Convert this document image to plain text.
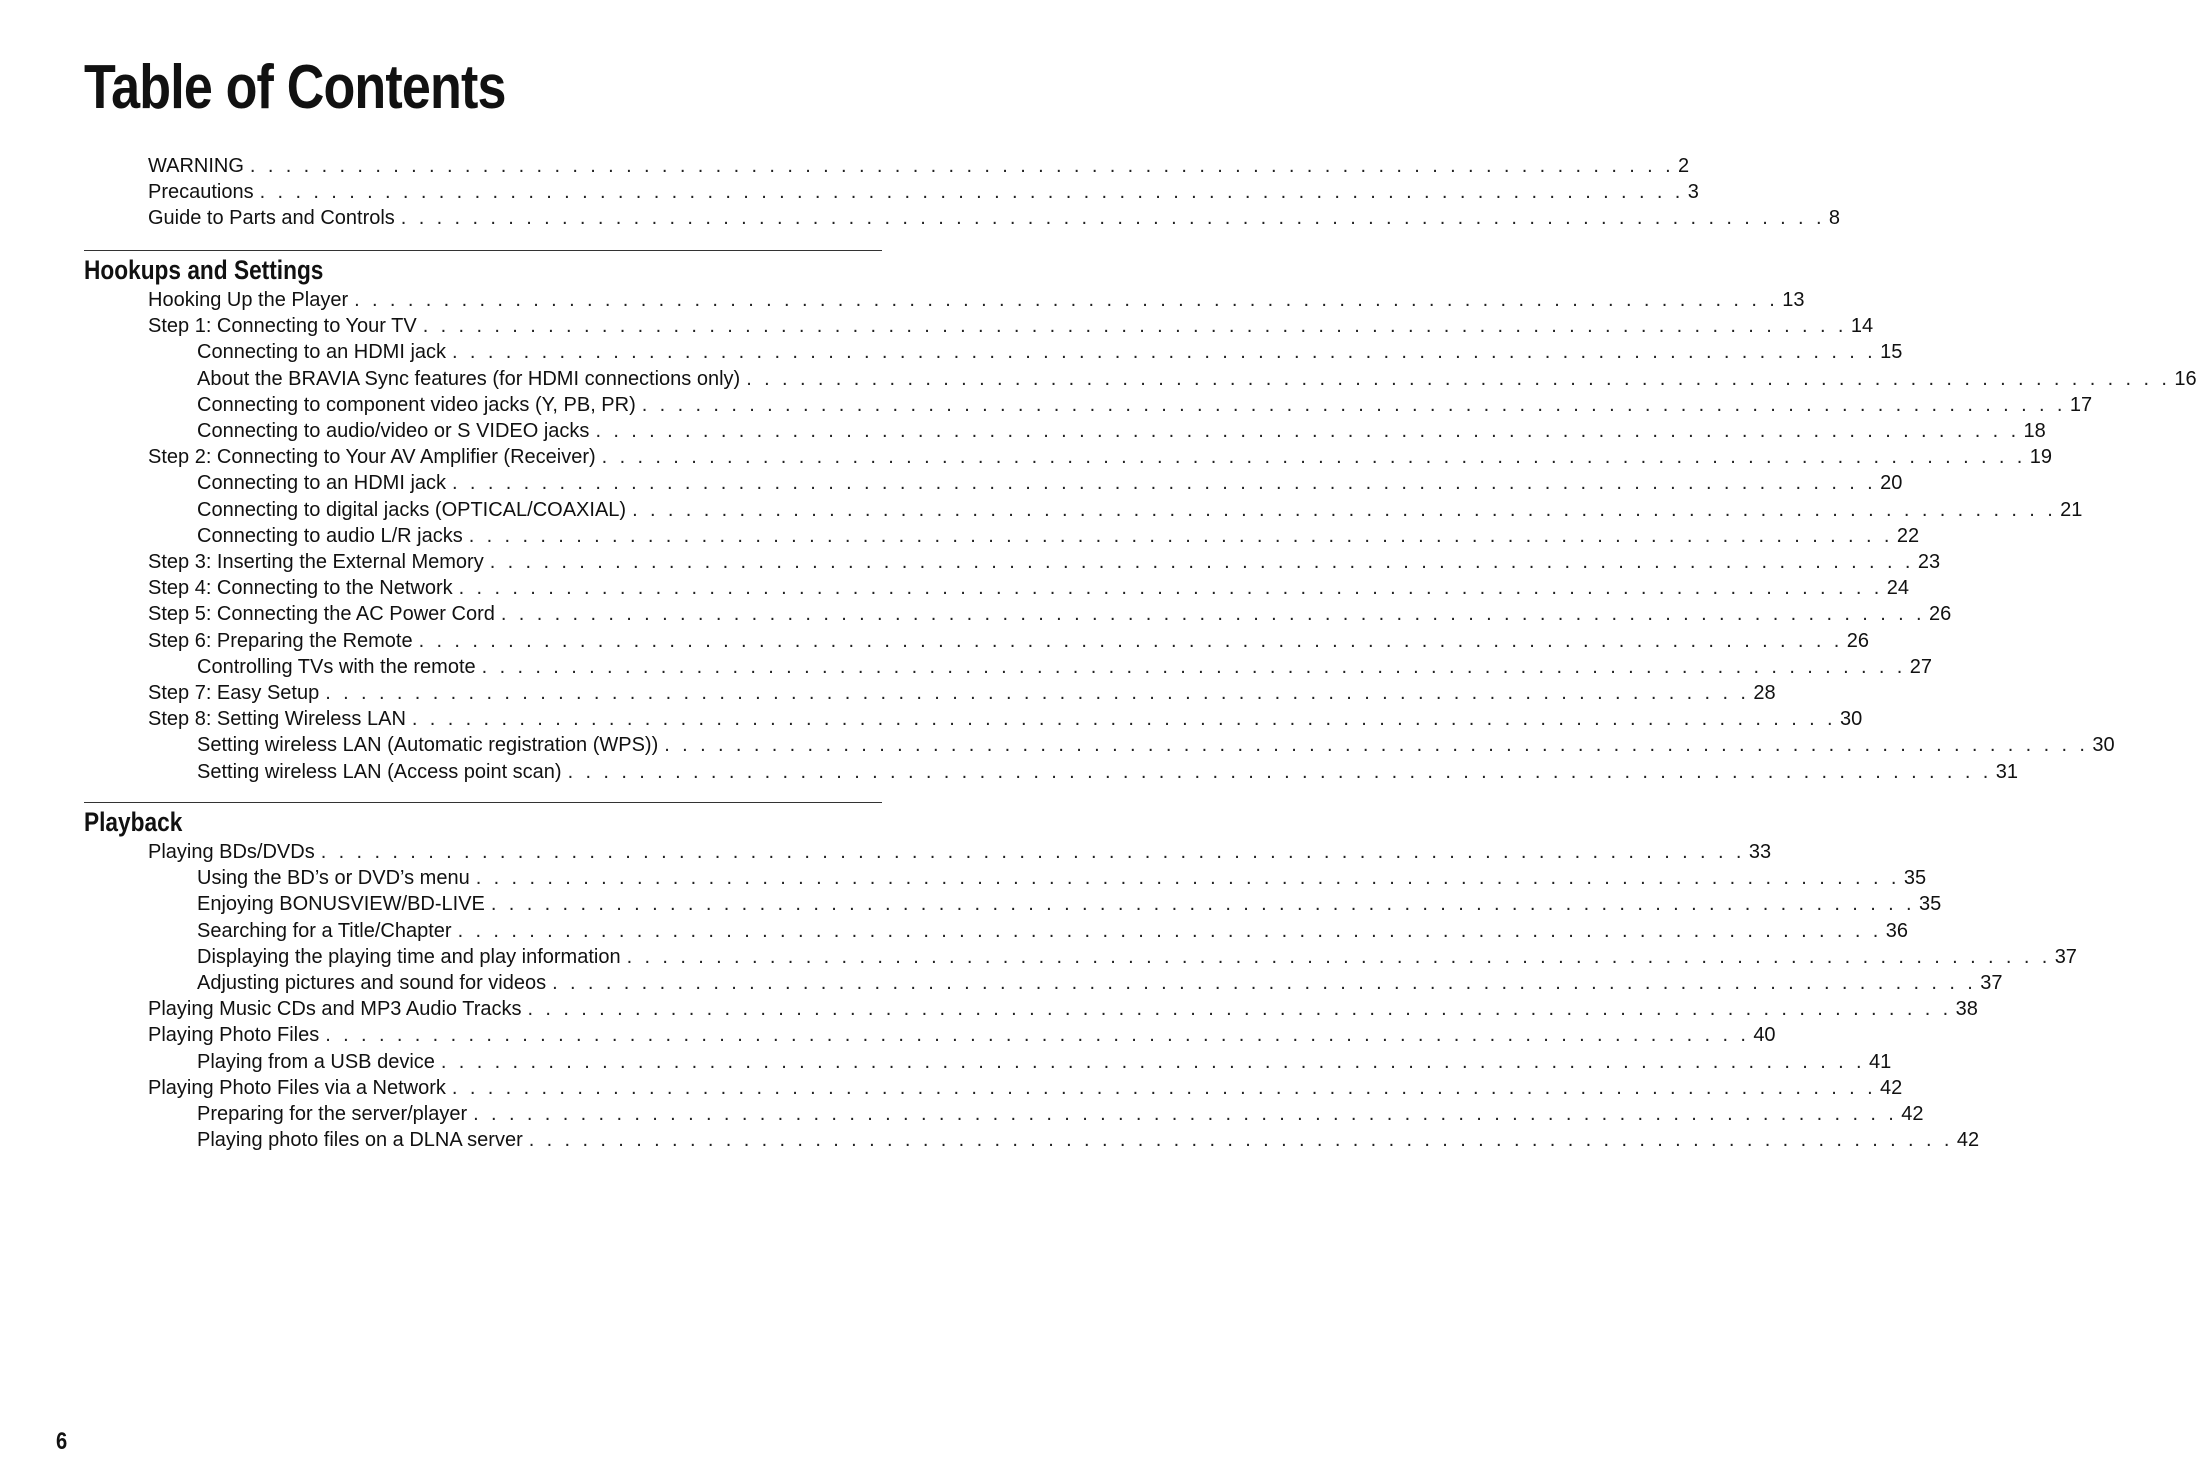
Table of Contents
WARNING . . . . . . . . . . . . . . . . . . . . . . . . . . . . . . . . . . . . . . . . . . . . . . . . . . . . . . . . . . . . . . . . . . . . . . . . . . . . . . . . 2
Precautions . . . . . . . . . . . . . . . . . . . . . . . . . . . . . . . . . . . . . . . . . . . . . . . . . . . . . . . . . . . . . . . . . . . . . . . . . . . . . . . . 3
Guide to Parts and Controls . . . . . . . . . . . . . . . . . . . . . . . . . . . . . . . . . . . . . . . . . . . . . . . . . . . . . . . . . . . . . . . . . . . . . . . . . . . . . . . . 8
Hookups and Settings
Hooking Up the Player . . . . . . . . . . . . . . . . . . . . . . . . . . . . . . . . . . . . . . . . . . . . . . . . . . . . . . . . . . . . . . . . . . . . . . . . . . . . . . . . 13
Step 1: Connecting to Your TV . . . . . . . . . . . . . . . . . . . . . . . . . . . . . . . . . . . . . . . . . . . . . . . . . . . . . . . . . . . . . . . . . . . . . . . . . . . . . . . . 14
Connecting to an HDMI jack . . . . . . . . . . . . . . . . . . . . . . . . . . . . . . . . . . . . . . . . . . . . . . . . . . . . . . . . . . . . . . . . . . . . . . . . . . . . . . . . 15
About the BRAVIA Sync features (for HDMI connections only) . . . . . . . . . . . . . . . . . . . . . . . . . . . . . . . . . . . . . . . . . . . . . . . . . . . . . . . . . . . . . . . . . . . . . . . . . . . . . . . . 16
Connecting to component video jacks (Y, PB, PR) . . . . . . . . . . . . . . . . . . . . . . . . . . . . . . . . . . . . . . . . . . . . . . . . . . . . . . . . . . . . . . . . . . . . . . . . . . . . . . . . 17
Connecting to audio/video or S VIDEO jacks . . . . . . . . . . . . . . . . . . . . . . . . . . . . . . . . . . . . . . . . . . . . . . . . . . . . . . . . . . . . . . . . . . . . . . . . . . . . . . . . 18
Step 2: Connecting to Your AV Amplifier (Receiver) . . . . . . . . . . . . . . . . . . . . . . . . . . . . . . . . . . . . . . . . . . . . . . . . . . . . . . . . . . . . . . . . . . . . . . . . . . . . . . . . 19
Connecting to an HDMI jack . . . . . . . . . . . . . . . . . . . . . . . . . . . . . . . . . . . . . . . . . . . . . . . . . . . . . . . . . . . . . . . . . . . . . . . . . . . . . . . . 20
Connecting to digital jacks (OPTICAL/COAXIAL) . . . . . . . . . . . . . . . . . . . . . . . . . . . . . . . . . . . . . . . . . . . . . . . . . . . . . . . . . . . . . . . . . . . . . . . . . . . . . . . . 21
Connecting to audio L/R jacks . . . . . . . . . . . . . . . . . . . . . . . . . . . . . . . . . . . . . . . . . . . . . . . . . . . . . . . . . . . . . . . . . . . . . . . . . . . . . . . . 22
Step 3: Inserting the External Memory . . . . . . . . . . . . . . . . . . . . . . . . . . . . . . . . . . . . . . . . . . . . . . . . . . . . . . . . . . . . . . . . . . . . . . . . . . . . . . . . 23
Step 4: Connecting to the Network . . . . . . . . . . . . . . . . . . . . . . . . . . . . . . . . . . . . . . . . . . . . . . . . . . . . . . . . . . . . . . . . . . . . . . . . . . . . . . . . 24
Step 5: Connecting the AC Power Cord . . . . . . . . . . . . . . . . . . . . . . . . . . . . . . . . . . . . . . . . . . . . . . . . . . . . . . . . . . . . . . . . . . . . . . . . . . . . . . . . 26
Step 6: Preparing the Remote . . . . . . . . . . . . . . . . . . . . . . . . . . . . . . . . . . . . . . . . . . . . . . . . . . . . . . . . . . . . . . . . . . . . . . . . . . . . . . . . 26
Controlling TVs with the remote . . . . . . . . . . . . . . . . . . . . . . . . . . . . . . . . . . . . . . . . . . . . . . . . . . . . . . . . . . . . . . . . . . . . . . . . . . . . . . . . 27
Step 7: Easy Setup . . . . . . . . . . . . . . . . . . . . . . . . . . . . . . . . . . . . . . . . . . . . . . . . . . . . . . . . . . . . . . . . . . . . . . . . . . . . . . . . 28
Step 8: Setting Wireless LAN . . . . . . . . . . . . . . . . . . . . . . . . . . . . . . . . . . . . . . . . . . . . . . . . . . . . . . . . . . . . . . . . . . . . . . . . . . . . . . . . 30
Setting wireless LAN (Automatic registration (WPS)) . . . . . . . . . . . . . . . . . . . . . . . . . . . . . . . . . . . . . . . . . . . . . . . . . . . . . . . . . . . . . . . . . . . . . . . . . . . . . . . . 30
Setting wireless LAN (Access point scan) . . . . . . . . . . . . . . . . . . . . . . . . . . . . . . . . . . . . . . . . . . . . . . . . . . . . . . . . . . . . . . . . . . . . . . . . . . . . . . . . 31
Playback
Playing BDs/DVDs . . . . . . . . . . . . . . . . . . . . . . . . . . . . . . . . . . . . . . . . . . . . . . . . . . . . . . . . . . . . . . . . . . . . . . . . . . . . . . . . 33
Using the BD’s or DVD’s menu . . . . . . . . . . . . . . . . . . . . . . . . . . . . . . . . . . . . . . . . . . . . . . . . . . . . . . . . . . . . . . . . . . . . . . . . . . . . . . . . 35
Enjoying BONUSVIEW/BD-LIVE . . . . . . . . . . . . . . . . . . . . . . . . . . . . . . . . . . . . . . . . . . . . . . . . . . . . . . . . . . . . . . . . . . . . . . . . . . . . . . . . 35
Searching for a Title/Chapter . . . . . . . . . . . . . . . . . . . . . . . . . . . . . . . . . . . . . . . . . . . . . . . . . . . . . . . . . . . . . . . . . . . . . . . . . . . . . . . . 36
Displaying the playing time and play information . . . . . . . . . . . . . . . . . . . . . . . . . . . . . . . . . . . . . . . . . . . . . . . . . . . . . . . . . . . . . . . . . . . . . . . . . . . . . . . . 37
Adjusting pictures and sound for videos . . . . . . . . . . . . . . . . . . . . . . . . . . . . . . . . . . . . . . . . . . . . . . . . . . . . . . . . . . . . . . . . . . . . . . . . . . . . . . . . 37
Playing Music CDs and MP3 Audio Tracks . . . . . . . . . . . . . . . . . . . . . . . . . . . . . . . . . . . . . . . . . . . . . . . . . . . . . . . . . . . . . . . . . . . . . . . . . . . . . . . . 38
Playing Photo Files . . . . . . . . . . . . . . . . . . . . . . . . . . . . . . . . . . . . . . . . . . . . . . . . . . . . . . . . . . . . . . . . . . . . . . . . . . . . . . . . 40
Playing from a USB device . . . . . . . . . . . . . . . . . . . . . . . . . . . . . . . . . . . . . . . . . . . . . . . . . . . . . . . . . . . . . . . . . . . . . . . . . . . . . . . . 41
Playing Photo Files via a Network . . . . . . . . . . . . . . . . . . . . . . . . . . . . . . . . . . . . . . . . . . . . . . . . . . . . . . . . . . . . . . . . . . . . . . . . . . . . . . . . 42
Preparing for the server/player . . . . . . . . . . . . . . . . . . . . . . . . . . . . . . . . . . . . . . . . . . . . . . . . . . . . . . . . . . . . . . . . . . . . . . . . . . . . . . . . 42
Playing photo files on a DLNA server . . . . . . . . . . . . . . . . . . . . . . . . . . . . . . . . . . . . . . . . . . . . . . . . . . . . . . . . . . . . . . . . . . . . . . . . . . . . . . . . 42
6
